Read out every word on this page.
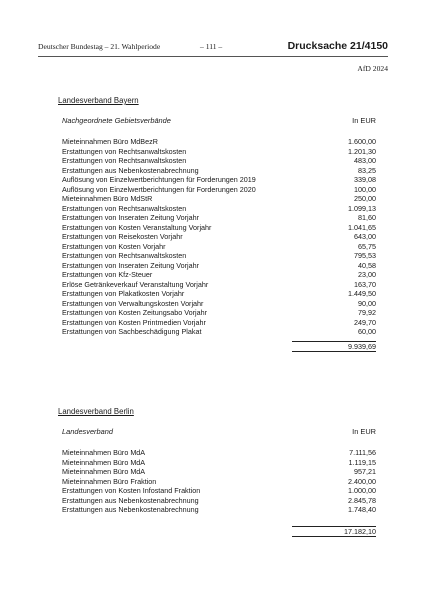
Deutscher Bundestag – 21. Wahlperiode	– 111 –	Drucksache 21/4150
AfD 2024
Landesverband Bayern
Nachgeordnete Gebietsverbände	In EUR
Mieteinnahmen Büro MdBezR	1.600,00
Erstattungen von Rechtsanwaltskosten	1.201,30
Erstattungen von Rechtsanwaltskosten	483,00
Erstattungen aus Nebenkostenabrechnung	83,25
Auflösung von Einzelwertberichtungen für Forderungen 2019	339,08
Auflösung von Einzelwertberichtungen für Forderungen 2020	100,00
Mieteinnahmen Büro MdStR	250,00
Erstattungen von Rechtsanwaltskosten	1.099,13
Erstattungen von Inseraten Zeitung Vorjahr	81,60
Erstattungen von Kosten Veranstaltung Vorjahr	1.041,65
Erstattungen von Reisekosten Vorjahr	643,00
Erstattungen von Kosten Vorjahr	65,75
Erstattungen von Rechtsanwaltskosten	795,53
Erstattungen von Inseraten Zeitung Vorjahr	40,58
Erstattungen von Kfz-Steuer	23,00
Erlöse Getränkeverkauf Veranstaltung Vorjahr	163,70
Erstattungen von Plakatkosten Vorjahr	1.449,50
Erstattungen von Verwaltungskosten Vorjahr	90,00
Erstattungen von Kosten Zeitungsabo Vorjahr	79,92
Erstattungen von Kosten Printmedien Vorjahr	249,70
Erstattungen von Sachbeschädigung Plakat	60,00
9.939,69
Landesverband Berlin
Landesverband	In EUR
Mieteinnahmen Büro MdA	7.111,56
Mieteinnahmen Büro MdA	1.119,15
Mieteinnahmen Büro MdA	957,21
Mieteinnahmen Büro Fraktion	2.400,00
Erstattungen von Kosten Infostand Fraktion	1.000,00
Erstattungen aus Nebenkostenabrechnung	2.845,78
Erstattungen aus Nebenkostenabrechnung	1.748,40
17.182,10
